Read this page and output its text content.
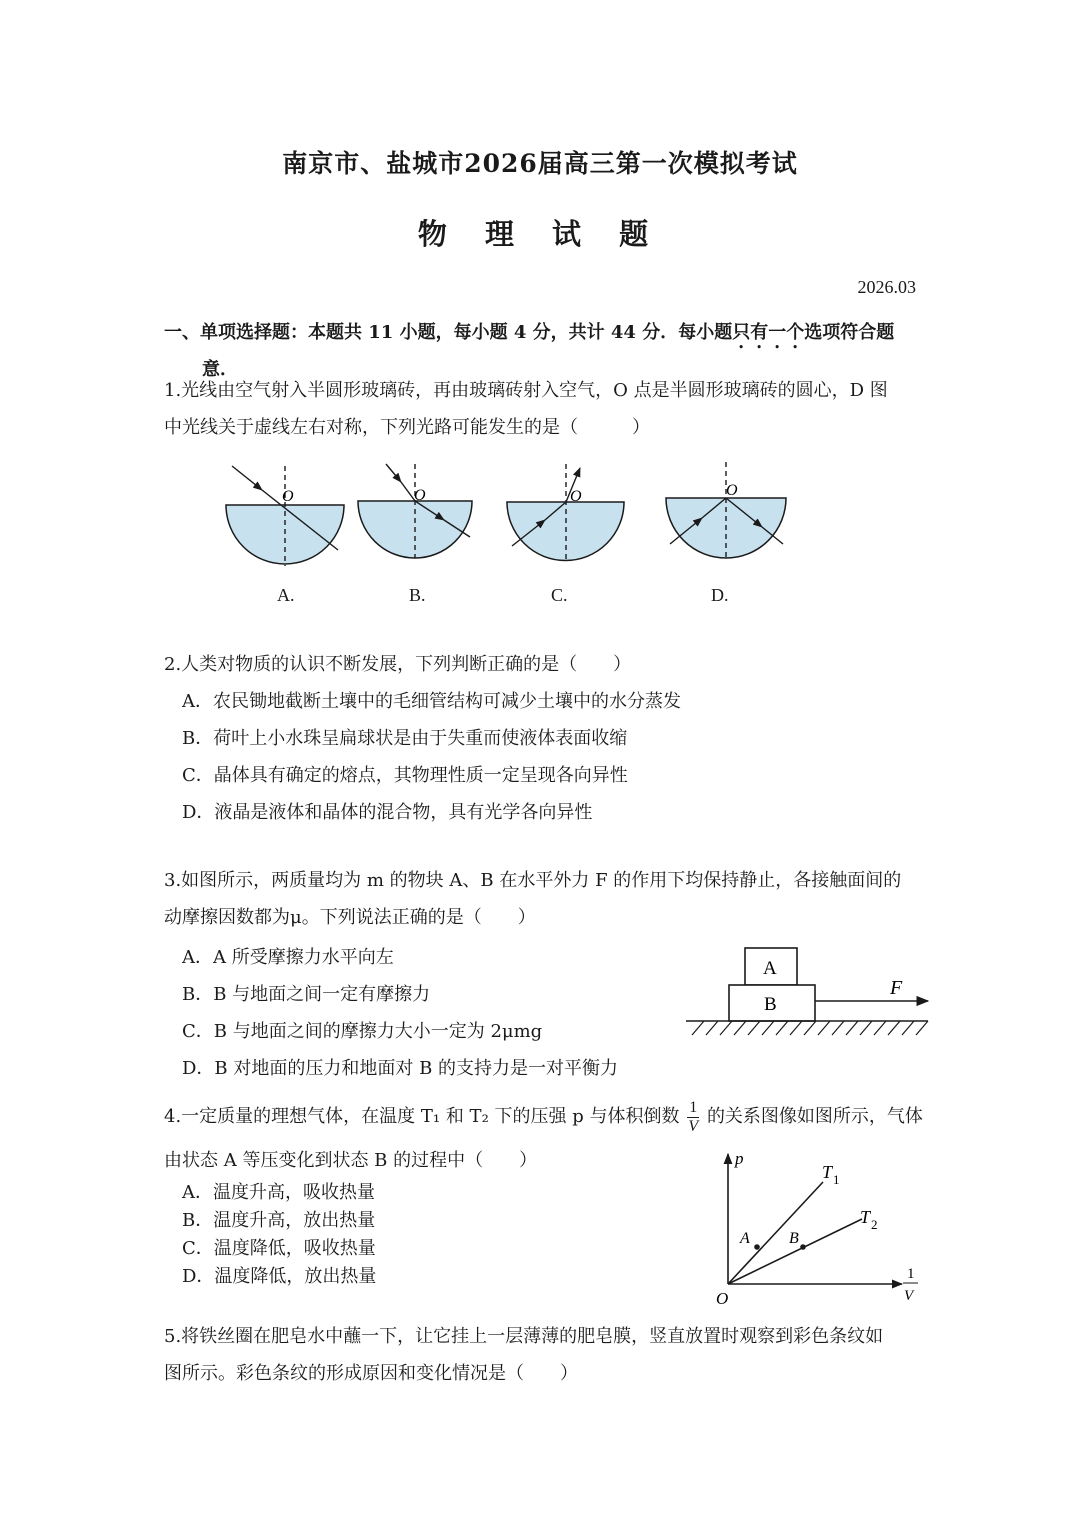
南京市、盐城市2026届高三第一次模拟考试
物 理 试 题
2026.03
一、单项选择题：本题共 11 小题，每小题 4 分，共计 44 分．每小题只有一个选项符合题
意．
1.光线由空气射入半圆形玻璃砖，再由玻璃砖射入空气，O 点是半圆形玻璃砖的圆心，D 图
中光线关于虚线左右对称，下列光路可能发生的是（　　　）
O	O	O	O
A.	B.	C.	D.
2.人类对物质的认识不断发展，下列判断正确的是（　　）
A．农民锄地截断土壤中的毛细管结构可减少土壤中的水分蒸发
B．荷叶上小水珠呈扁球状是由于失重而使液体表面收缩
C．晶体具有确定的熔点，其物理性质一定呈现各向异性
D．液晶是液体和晶体的混合物，具有光学各向异性
3.如图所示，两质量均为 m 的物块 A、B 在水平外力 F 的作用下均保持静止，各接触面间的
动摩擦因数都为μ。下列说法正确的是（　　）
A．A 所受摩擦力水平向左
B．B 与地面之间一定有摩擦力
C．B 与地面之间的摩擦力大小一定为 2μmg
D．B 对地面的压力和地面对 B 的支持力是一对平衡力
A
B
F
4.一定质量的理想气体，在温度 T₁ 和 T₂ 下的压强 p 与体积倒数 $\frac{1}{V}$ 的关系图像如图所示，气体
由状态 A 等压变化到状态 B 的过程中（　　）
A．温度升高，吸收热量
B．温度升高，放出热量
C．温度降低，吸收热量
D．温度降低，放出热量
p
O
1
V
T 1
T 2
A B
5.将铁丝圈在肥皂水中蘸一下，让它挂上一层薄薄的肥皂膜，竖直放置时观察到彩色条纹如
图所示。彩色条纹的形成原因和变化情况是（　　）
